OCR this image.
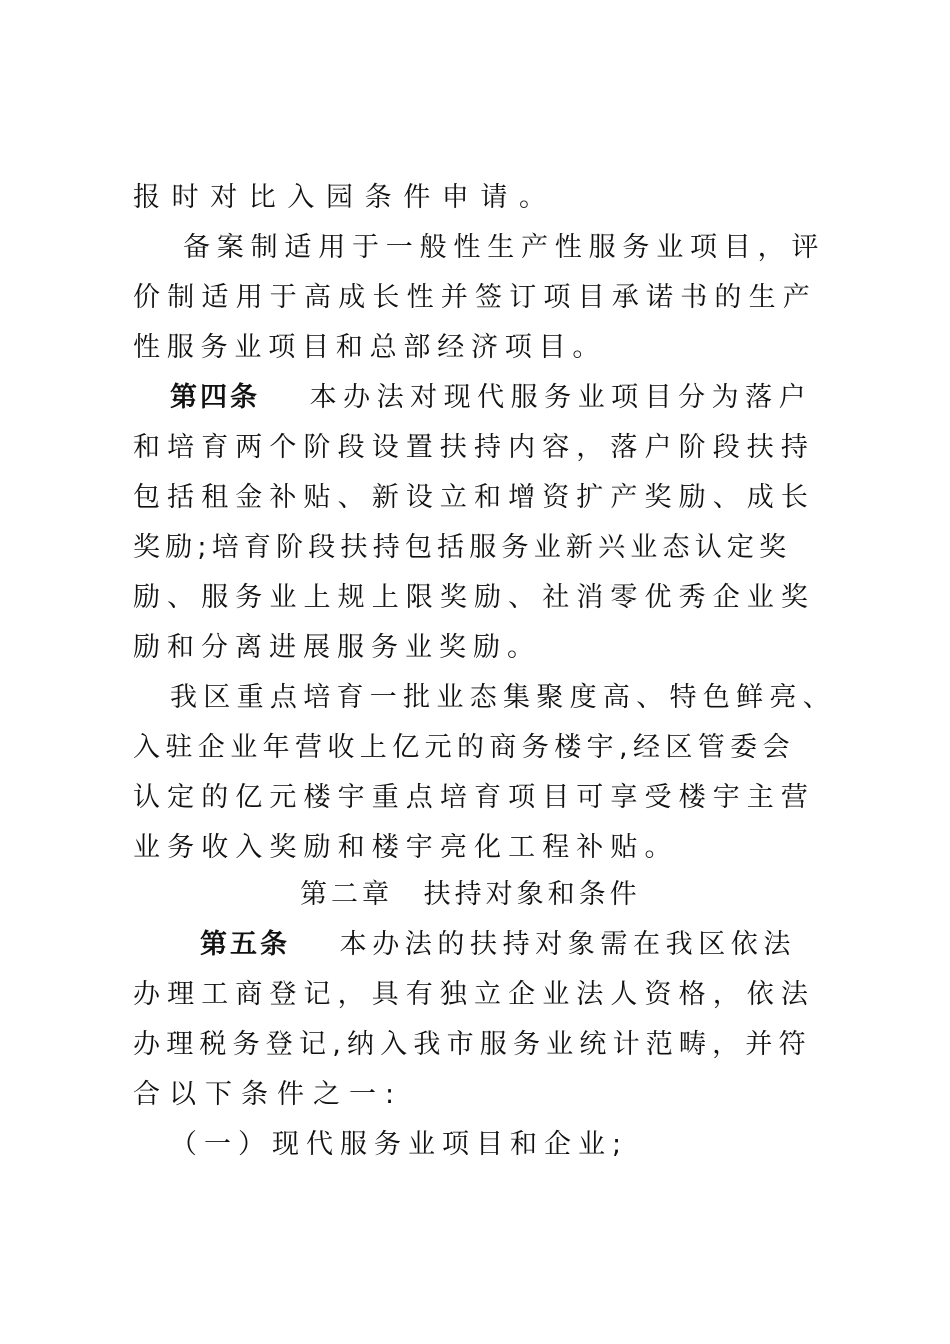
报时对比入园条件申请。
备案制适用于一般性生产性服务业项目，评
价制适用于高成长性并签订项目承诺书的生产
性服务业项目和总部经济项目。
第四条 本办法对现代服务业项目分为落户
和培育两个阶段设置扶持内容，落户阶段扶持
包括租金补贴、新设立和增资扩产奖励、成长
奖励;培育阶段扶持包括服务业新兴业态认定奖
励、服务业上规上限奖励、社消零优秀企业奖
励和分离进展服务业奖励。
我区重点培育一批业态集聚度高、特色鲜亮、
入驻企业年营收上亿元的商务楼宇,经区管委会
认定的亿元楼宇重点培育项目可享受楼宇主营
业务收入奖励和楼宇亮化工程补贴。
第二章 扶持对象和条件
第五条 本办法的扶持对象需在我区依法
办理工商登记，具有独立企业法人资格，依法
办理税务登记,纳入我市服务业统计范畴，并符
合以下条件之一:
（一）现代服务业项目和企业;
